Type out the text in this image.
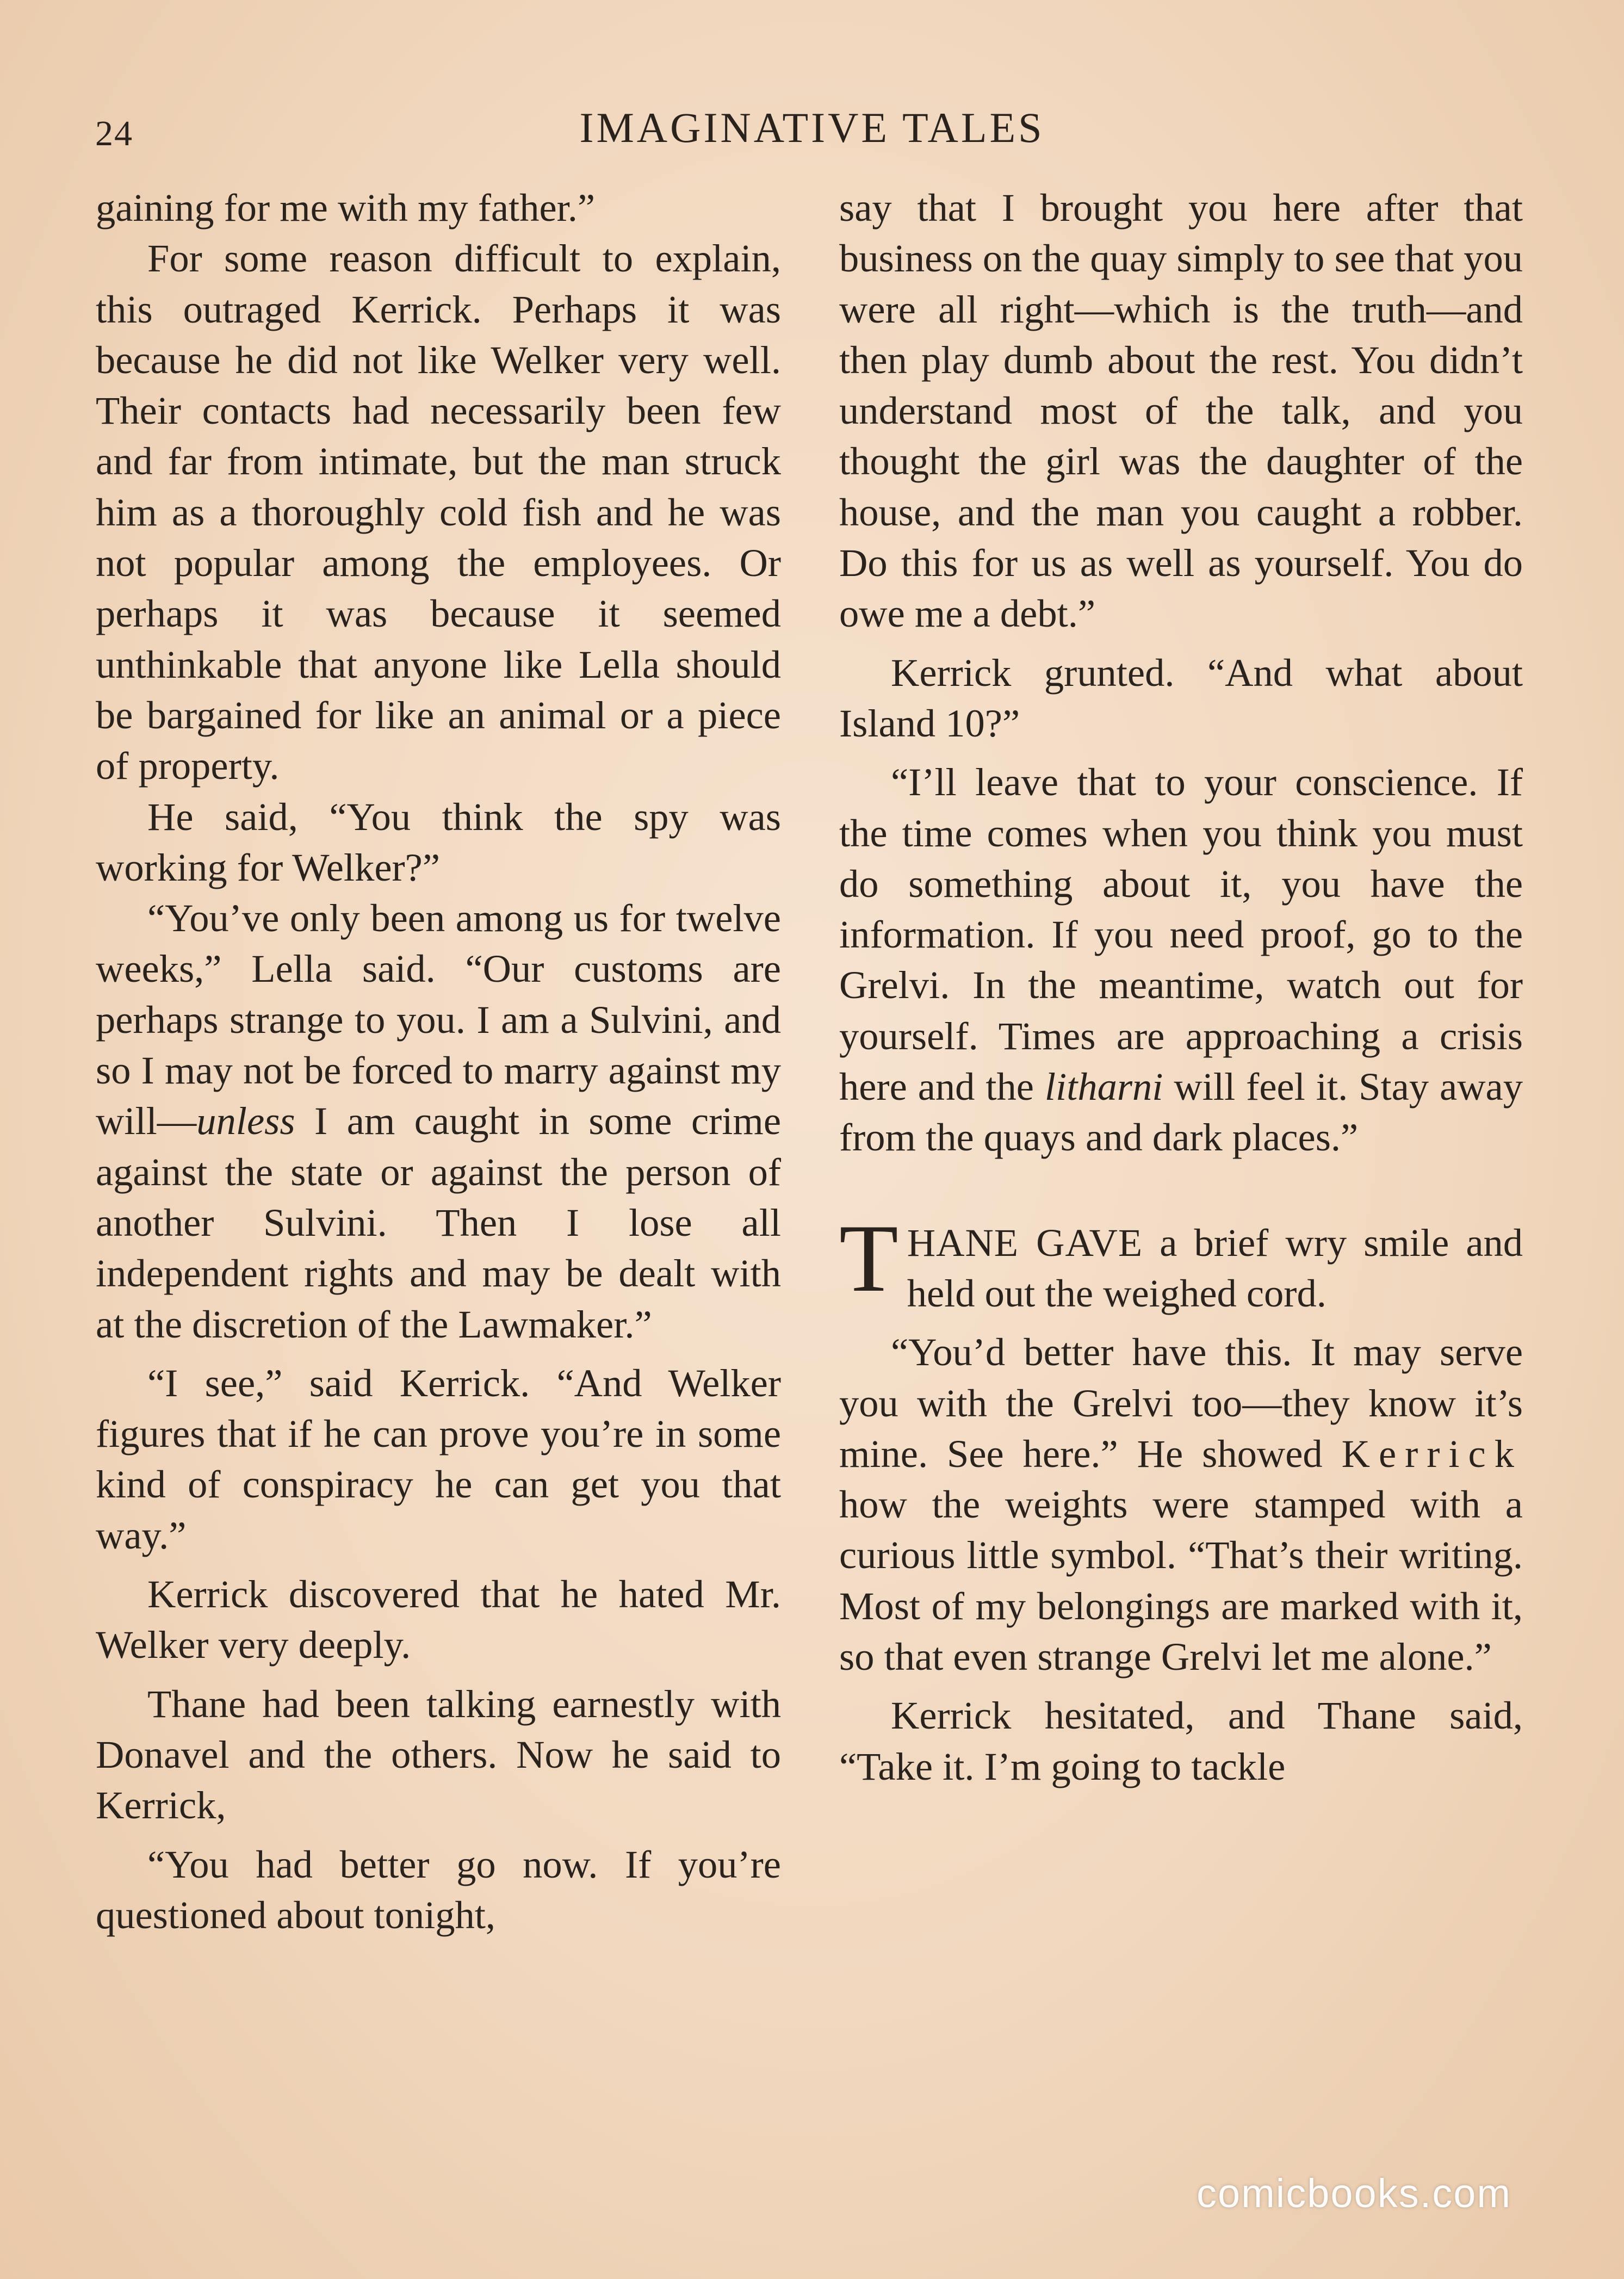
24	IMAGINATIVE TALES

gaining for me with my father.”

For some reason difficult to explain, this outraged Kerrick. Perhaps it was because he did not like Welker very well. Their contacts had necessarily been few and far from intimate, but the man struck him as a thoroughly cold fish and he was not popular among the employees. Or perhaps it was because it seemed unthinkable that anyone like Lella should be bargained for like an animal or a piece of property.

He said, “You think the spy was working for Welker?”

“You’ve only been among us for twelve weeks,” Lella said. “Our customs are perhaps strange to you. I am a Sulvini, and so I may not be forced to marry against my will—unless I am caught in some crime against the state or against the person of another Sulvini. Then I lose all independent rights and may be dealt with at the discretion of the Lawmaker.”

“I see,” said Kerrick. “And Welker figures that if he can prove you’re in some kind of conspiracy he can get you that way.”

Kerrick discovered that he hated Mr. Welker very deeply.

Thane had been talking earnestly with Donavel and the others. Now he said to Kerrick,

“You had better go now. If you’re questioned about tonight,

say that I brought you here after that business on the quay simply to see that you were all right—which is the truth—and then play dumb about the rest. You didn’t understand most of the talk, and you thought the girl was the daughter of the house, and the man you caught a robber. Do this for us as well as yourself. You do owe me a debt.”

Kerrick grunted. “And what about Island 10?”

“I’ll leave that to your conscience. If the time comes when you think you must do something about it, you have the information. If you need proof, go to the Grelvi. In the meantime, watch out for yourself. Times are approaching a crisis here and the litharni will feel it. Stay away from the quays and dark places.”

THANE GAVE a brief wry smile and held out the weighed cord.

“You’d better have this. It may serve you with the Grelvi too—they know it’s mine. See here.” He showed Kerrick how the weights were stamped with a curious little symbol. “That’s their writing. Most of my belongings are marked with it, so that even strange Grelvi let me alone.”

Kerrick hesitated, and Thane said, “Take it. I’m going to tackle

comicbooks.com
